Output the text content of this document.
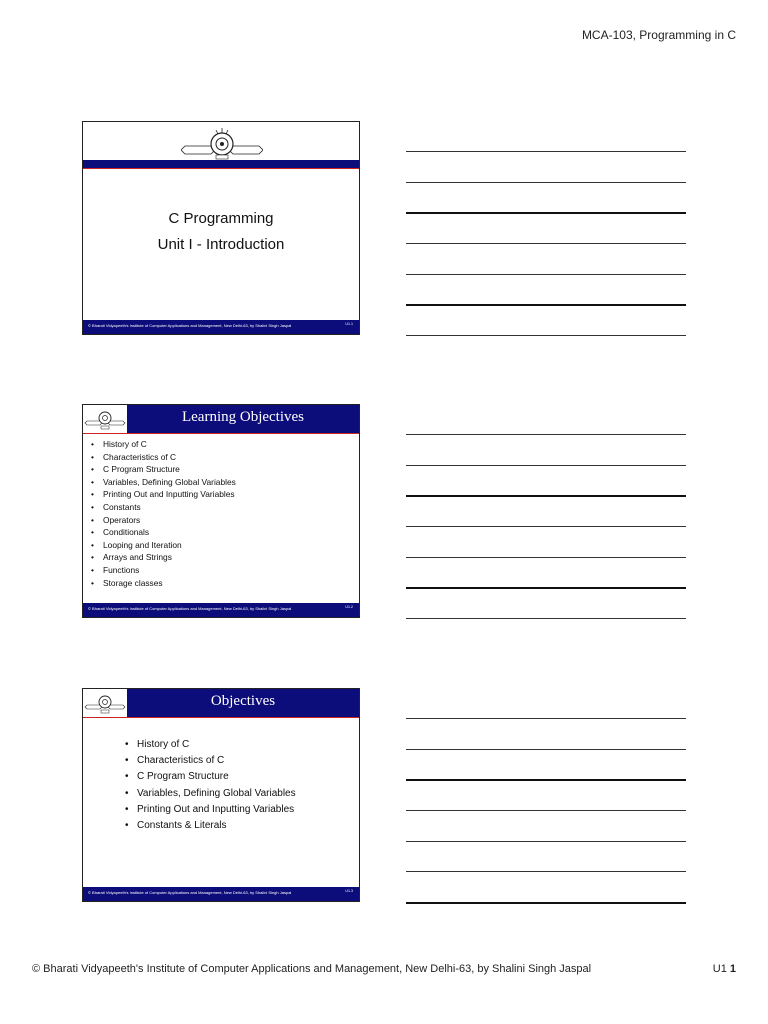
MCA-103, Programming in C
C Programming
Unit I - Introduction
© Bharati Vidyapeeth's Institute of Computer Applications and Management, New Delhi-63, by Shalini Singh Jaspal	U1.1
Learning Objectives
• History of C
• Characteristics of C
• C Program Structure
• Variables, Defining Global Variables
• Printing Out and Inputting Variables
• Constants
• Operators
• Conditionals
• Looping and Iteration
• Arrays and Strings
• Functions
• Storage classes
© Bharati Vidyapeeth's Institute of Computer Applications and Management, New Delhi-63, by Shalini Singh Jaspal	U1.2
Objectives
• History of C
• Characteristics of C
• C Program Structure
• Variables, Defining Global Variables
• Printing Out and Inputting Variables
• Constants & Literals
© Bharati Vidyapeeth's Institute of Computer Applications and Management, New Delhi-63, by Shalini Singh Jaspal	U1.3
© Bharati Vidyapeeth's Institute of Computer Applications and Management, New Delhi-63, by Shalini Singh Jaspal	U1 1
